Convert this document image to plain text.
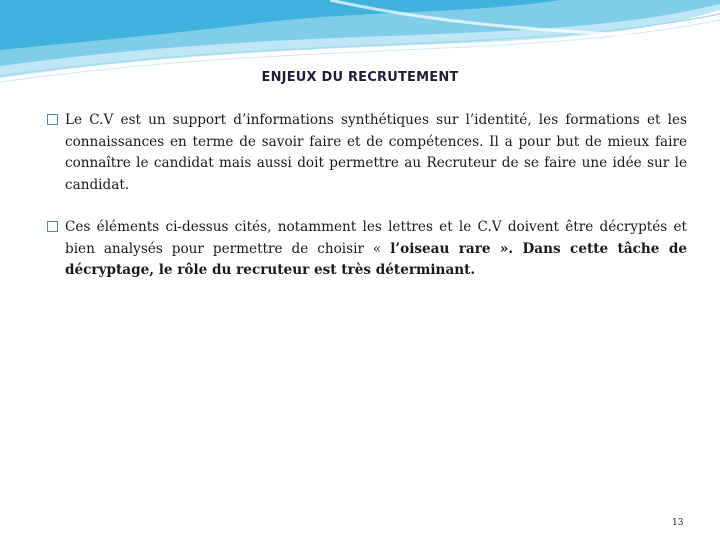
ENJEUX DU RECRUTEMENT
Le C.V est un support d’informations synthétiques sur l’identité, les formations et les connaissances en terme de savoir faire et de compétences. Il a pour but de mieux faire connaître le candidat mais aussi doit permettre au Recruteur de se faire une idée sur le candidat.
Ces éléments ci-dessus cités, notamment les lettres et le C.V doivent être décryptés et bien analysés pour permettre de choisir « l’oiseau rare ». Dans cette tâche de décryptage, le rôle du recruteur est très déterminant.
13
